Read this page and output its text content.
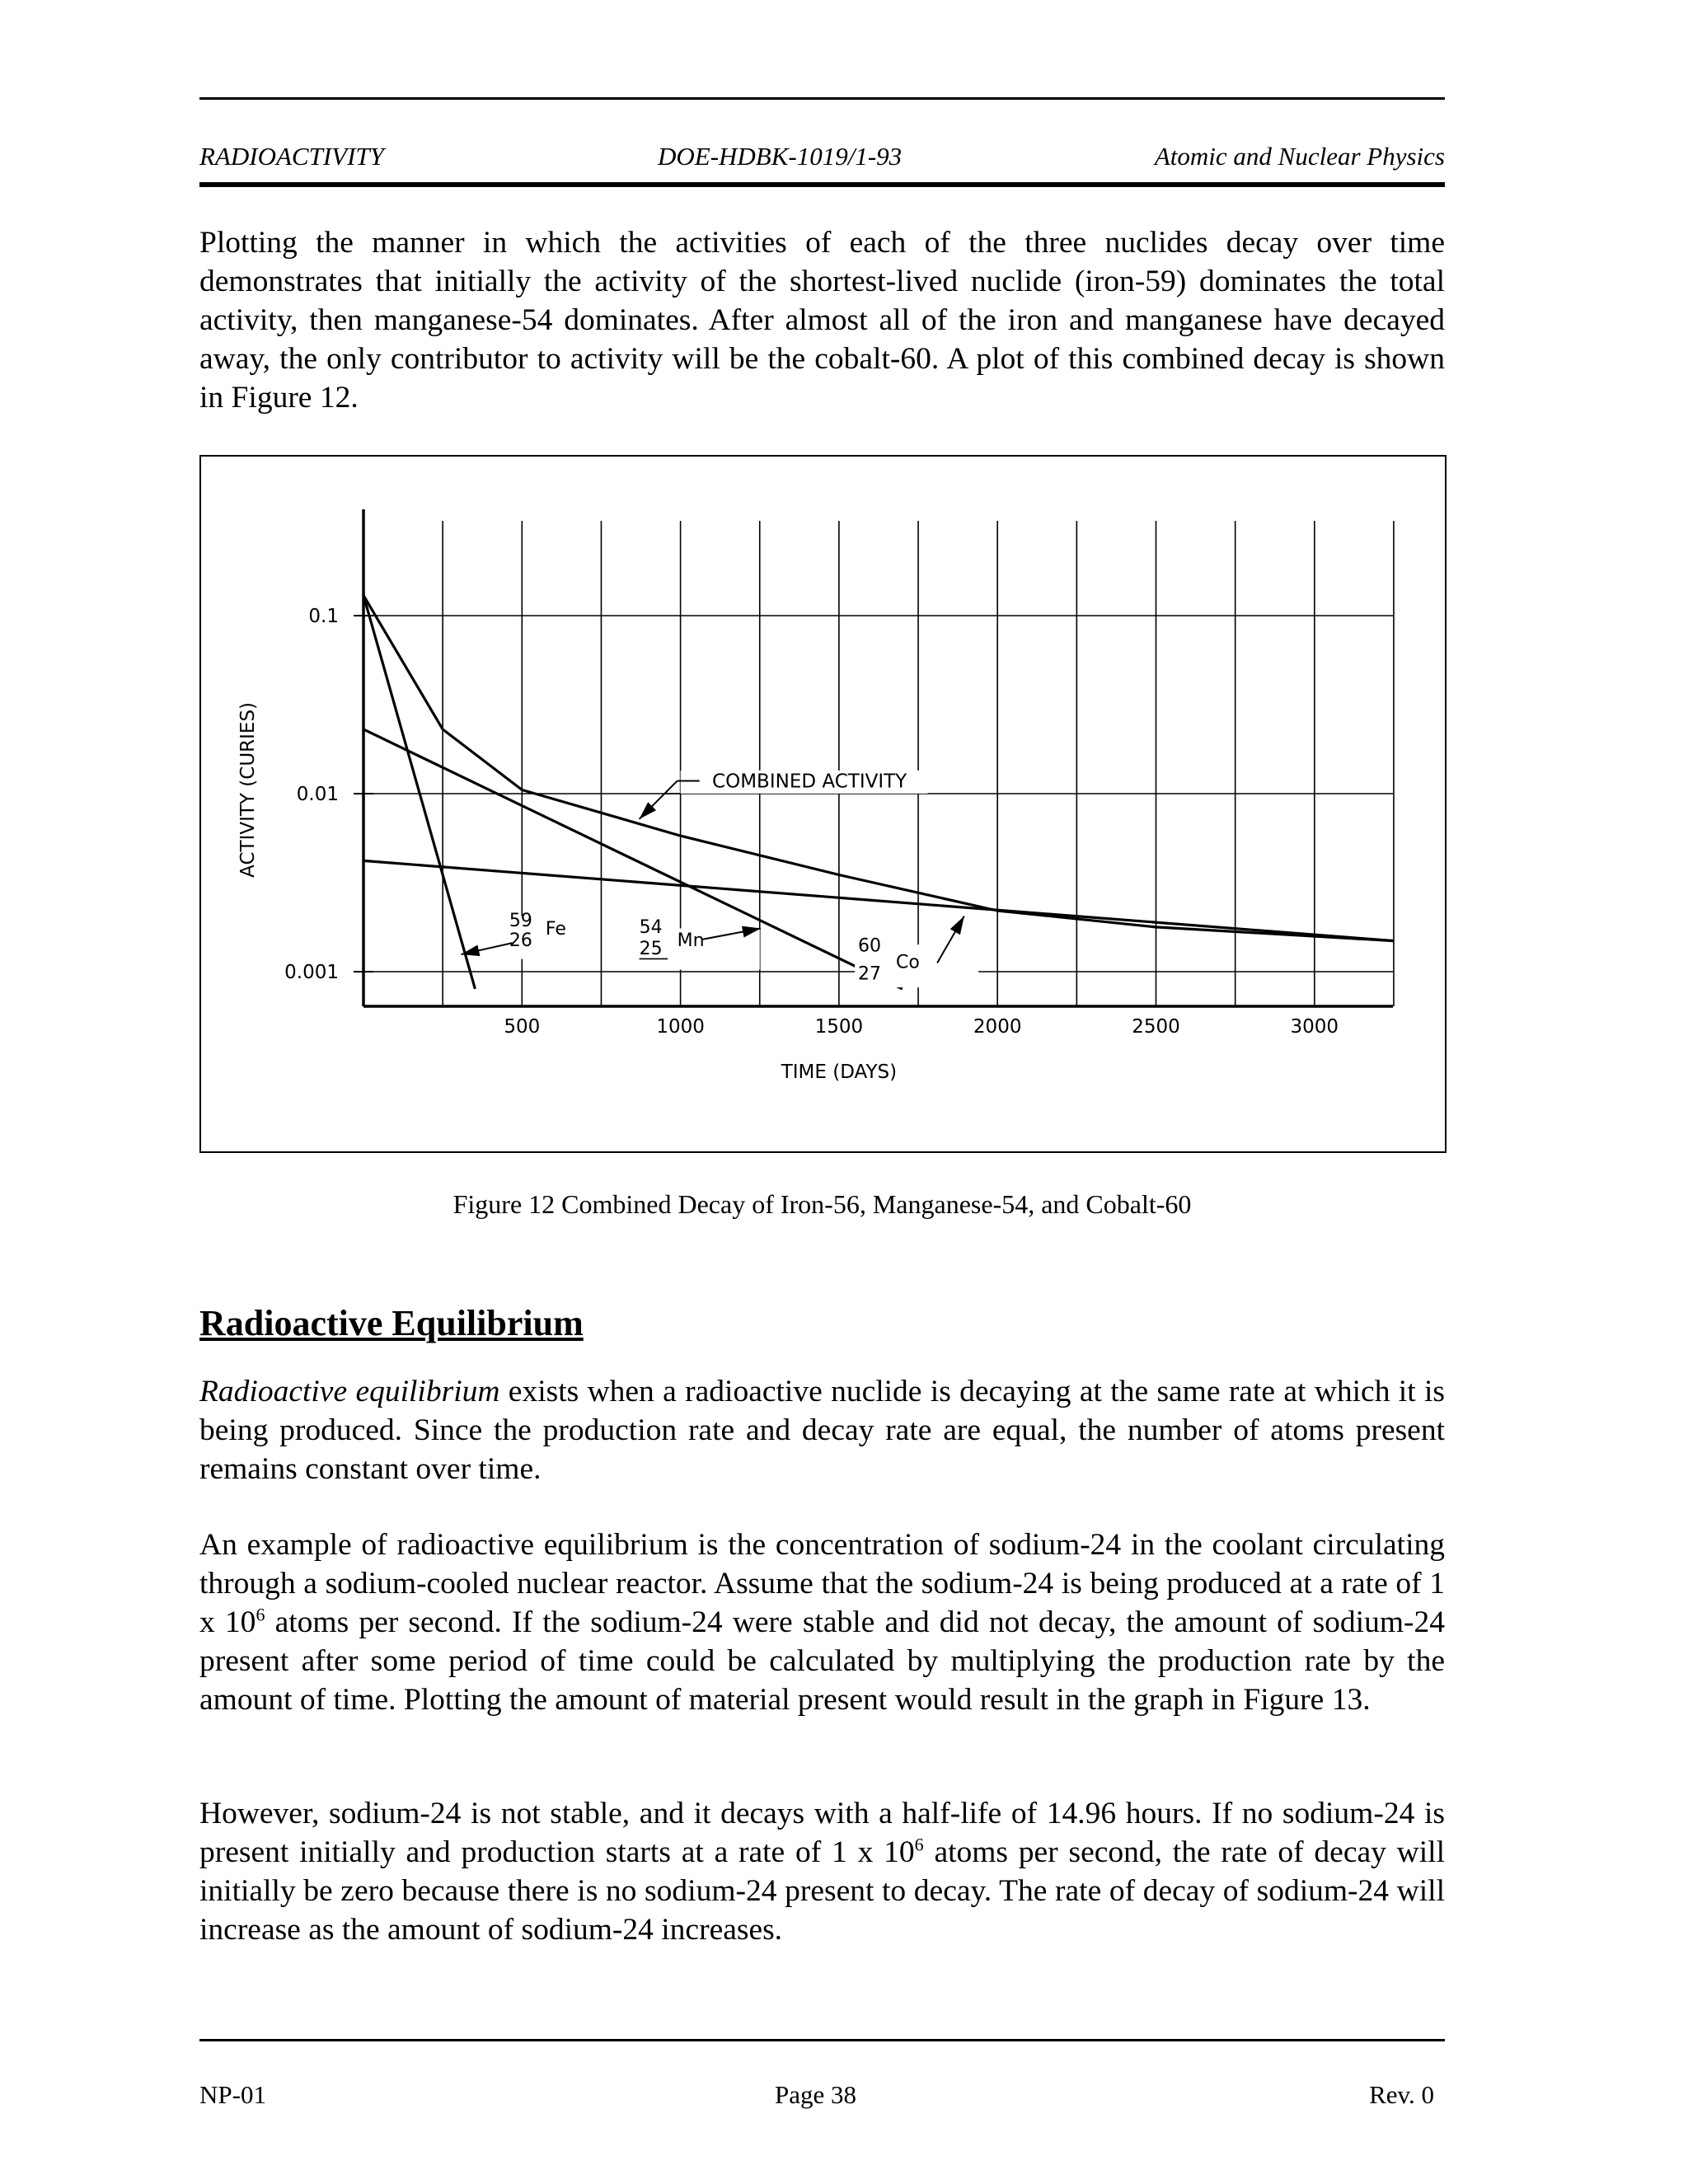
RADIOACTIVITY	DOE-HDBK-1019/1-93	Atomic and Nuclear Physics

Plotting the manner in which the activities of each of the three nuclides decay over time demonstrates that initially the activity of the shortest-lived nuclide (iron-59) dominates the total activity, then manganese-54 dominates. After almost all of the iron and manganese have decayed away, the only contributor to activity will be the cobalt-60. A plot of this combined decay is shown in Figure 12.

0.001
0.01
0.1
500	1000	1500	2000	2500	3000
TIME (DAYS)
ACTIVITY (CURIES)	COMBINED ACTIVITY
59
26
Fe	54
25 Mn	60
27
Co
Figure 12 Combined Decay of Iron-56, Manganese-54, and Cobalt-60
Radioactive Equilibrium

Radioactive equilibrium exists when a radioactive nuclide is decaying at the same rate at which it is being produced. Since the production rate and decay rate are equal, the number of atoms present remains constant over time.

An example of radioactive equilibrium is the concentration of sodium-24 in the coolant circulating through a sodium-cooled nuclear reactor. Assume that the sodium-24 is being produced at a rate of 1 x $10^6$ atoms per second. If the sodium-24 were stable and did not decay, the amount of sodium-24 present after some period of time could be calculated by multiplying the production rate by the amount of time. Plotting the amount of material present would result in the graph in Figure 13.

However, sodium-24 is not stable, and it decays with a half-life of 14.96 hours. If no sodium-24 is present initially and production starts at a rate of 1 x $10^6$ atoms per second, the rate of decay will initially be zero because there is no sodium-24 present to decay. The rate of decay of sodium-24 will increase as the amount of sodium-24 increases.

NP-01	Page 38	Rev. 0
